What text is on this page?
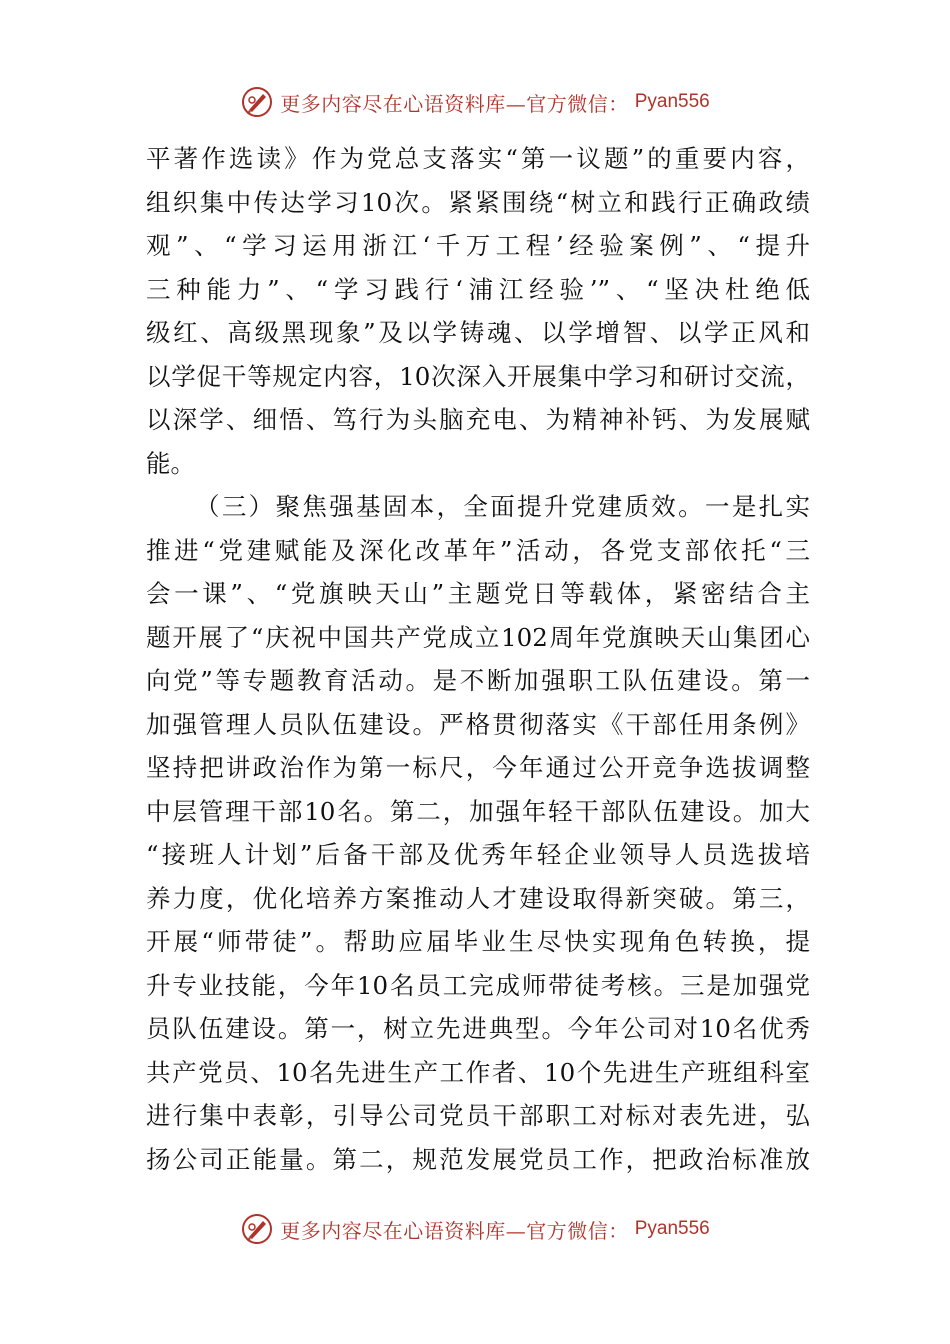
更多内容尽在心语资料库—官方微信： Pyan556
平著作选读》作为党总支落实“第一议题”的重要内容，
组织集中传达学习10次。紧紧围绕“树立和践行正确政绩
观”、“学习运用浙江‘千万工程’经验案例”、“提升
三种能力”、“学习践行‘浦江经验’”、“坚决杜绝低
级红、高级黑现象”及以学铸魂、以学增智、以学正风和
以学促干等规定内容，10次深入开展集中学习和研讨交流，
以深学、细悟、笃行为头脑充电、为精神补钙、为发展赋
能。
（三）聚焦强基固本，全面提升党建质效。一是扎实
推进“党建赋能及深化改革年”活动，各党支部依托“三
会一课”、“党旗映天山”主题党日等载体，紧密结合主
题开展了“庆祝中国共产党成立102周年党旗映天山集团心
向党”等专题教育活动。是不断加强职工队伍建设。第一
加强管理人员队伍建设。严格贯彻落实《干部任用条例》
坚持把讲政治作为第一标尺，今年通过公开竞争选拔调整
中层管理干部10名。第二，加强年轻干部队伍建设。加大
“接班人计划”后备干部及优秀年轻企业领导人员选拔培
养力度，优化培养方案推动人才建设取得新突破。第三，
开展“师带徒”。帮助应届毕业生尽快实现角色转换，提
升专业技能，今年10名员工完成师带徒考核。三是加强党
员队伍建设。第一，树立先进典型。今年公司对10名优秀
共产党员、10名先进生产工作者、10个先进生产班组科室
进行集中表彰，引导公司党员干部职工对标对表先进，弘
扬公司正能量。第二，规范发展党员工作，把政治标准放
更多内容尽在心语资料库—官方微信： Pyan556
